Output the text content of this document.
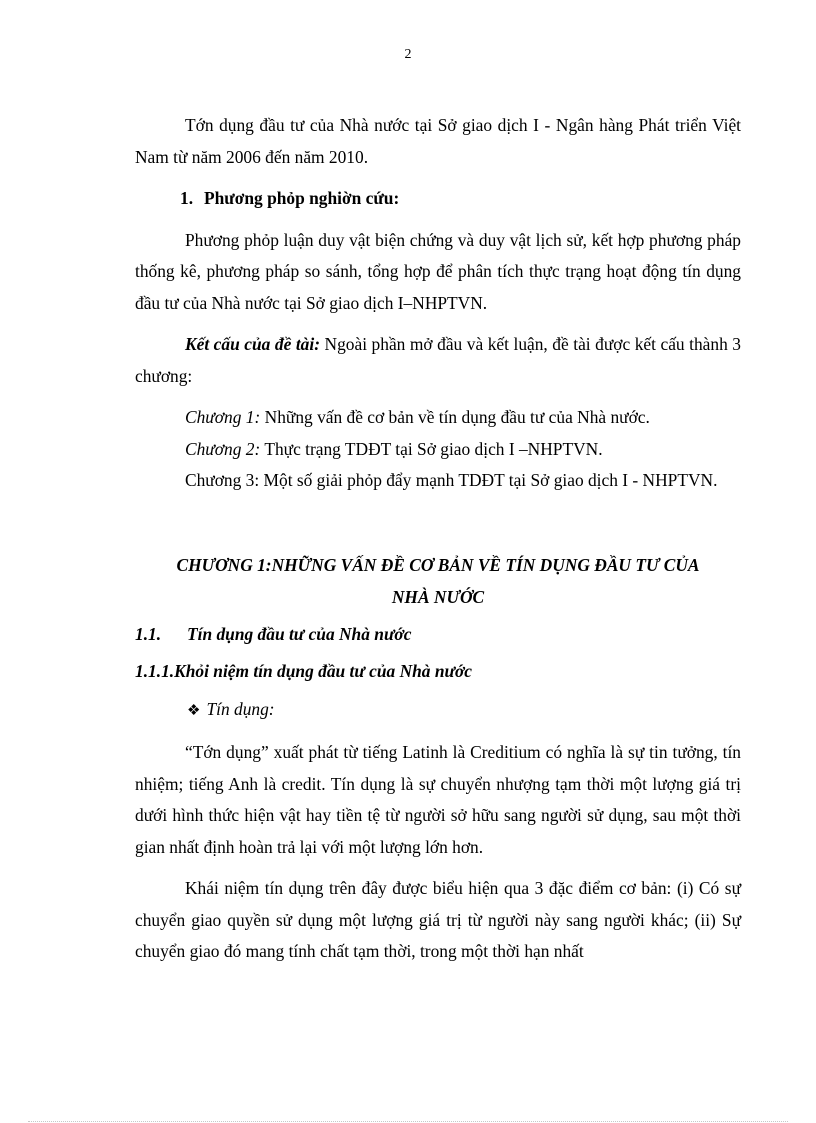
2

Tớn dụng đầu tư của Nhà nước tại Sở giao dịch I - Ngân hàng Phát triển Việt Nam từ năm 2006 đến năm 2010.

1. Phương phỏp nghiờn cứu:

Phương phỏp luận duy vật biện chứng và duy vật lịch sử, kết hợp phương pháp thống kê, phương pháp so sánh, tổng hợp để phân tích thực trạng hoạt động tín dụng đầu tư của Nhà nước tại Sở giao dịch I–NHPTVN.

Kết cấu của đề tài: Ngoài phần mở đầu và kết luận, đề tài được kết cấu thành 3 chương:

Chương 1: Những vấn đề cơ bản về tín dụng đầu tư của Nhà nước.

Chương 2: Thực trạng TDĐT tại Sở giao dịch I –NHPTVN.

Chương 3: Một số giải phỏp đẩy mạnh TDĐT tại Sở giao dịch I - NHPTVN.

CHƯƠNG 1:NHỮNG VẤN ĐỀ CƠ BẢN VỀ TÍN DỤNG ĐẦU TƯ CỦA
NHÀ NƯỚC

1.1. Tín dụng đầu tư của Nhà nước

1.1.1.Khỏi niệm tín dụng đầu tư của Nhà nước

❖ Tín dụng:

“Tớn dụng” xuất phát từ tiếng Latinh là Creditium có nghĩa là sự tin tưởng, tín nhiệm; tiếng Anh là credit. Tín dụng là sự chuyển nhượng tạm thời một lượng giá trị dưới hình thức hiện vật hay tiền tệ từ người sở hữu sang người sử dụng, sau một thời gian nhất định hoàn trả lại với một lượng lớn hơn.

Khái niệm tín dụng trên đây được biểu hiện qua 3 đặc điểm cơ bản: (i) Có sự chuyển giao quyền sử dụng một lượng giá trị từ người này sang người khác; (ii) Sự chuyển giao đó mang tính chất tạm thời, trong một thời hạn nhất
